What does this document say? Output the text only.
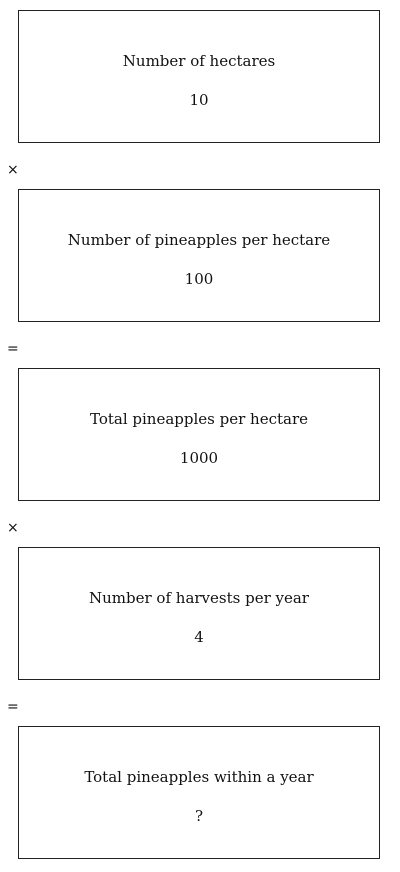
Number of hectares
10
×
Number of pineapples per hectare
100
=
Total pineapples per hectare
1000
×
Number of harvests per year
4
=
Total pineapples within a year
?
